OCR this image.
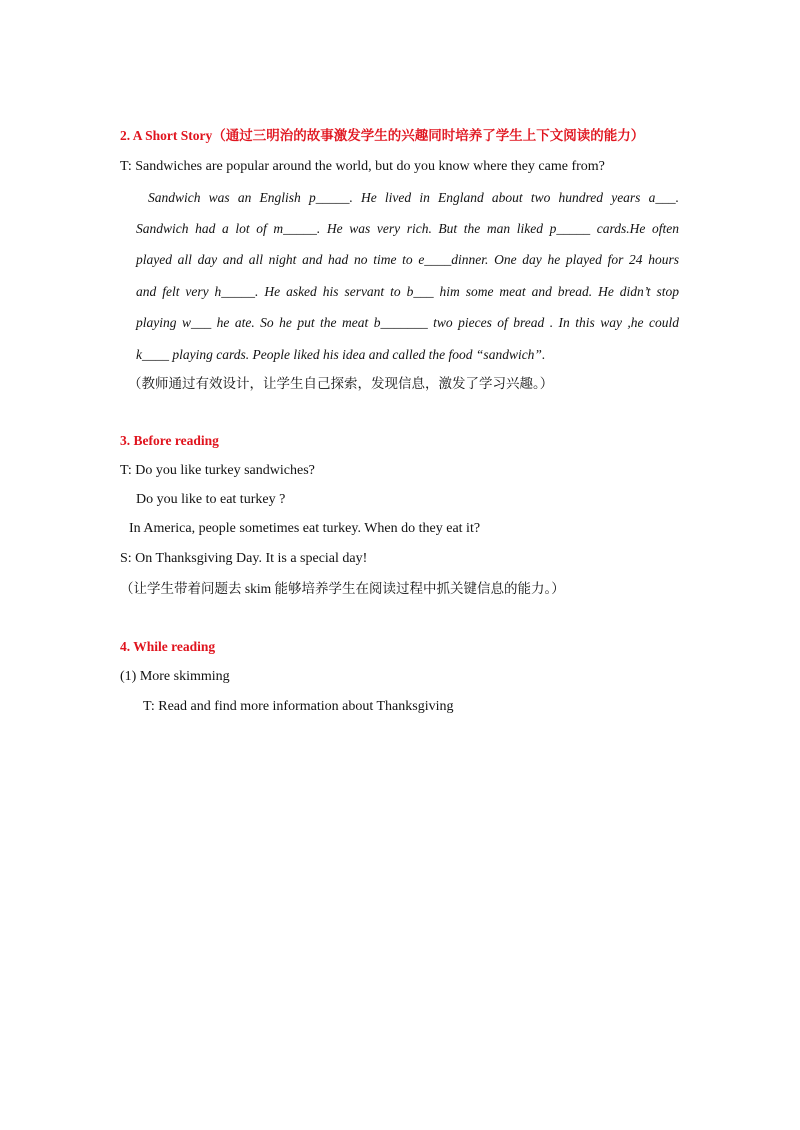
2. A Short Story（通过三明治的故事激发学生的兴趣同时培养了学生上下文阅读的能力）
T: Sandwiches are popular around the world, but do you know where they came from?
Sandwich was an English p_____. He lived in England about two hundred years a___.
Sandwich had a lot of m_____. He was very rich. But the man liked p_____ cards.He often
played all day and all night and had no time to e____dinner. One day he played for 24 hours
and felt very h_____. He asked his servant to b___ him some meat and bread. He didn’t stop
playing w___ he ate. So he put the meat b_______ two pieces of bread . In this way ,he could
k____ playing cards. People liked his idea and called the food “sandwich”.
（教师通过有效设计，让学生自己探索，发现信息，激发了学习兴趣。）
3. Before reading
T: Do you like turkey sandwiches?
Do you like to eat turkey ?
In America, people sometimes eat turkey. When do they eat it?
S: On Thanksgiving Day. It is a special day!
（让学生带着问题去 skim 能够培养学生在阅读过程中抓关键信息的能力。）
4. While reading
(1) More skimming
T: Read and find more information about Thanksgiving
